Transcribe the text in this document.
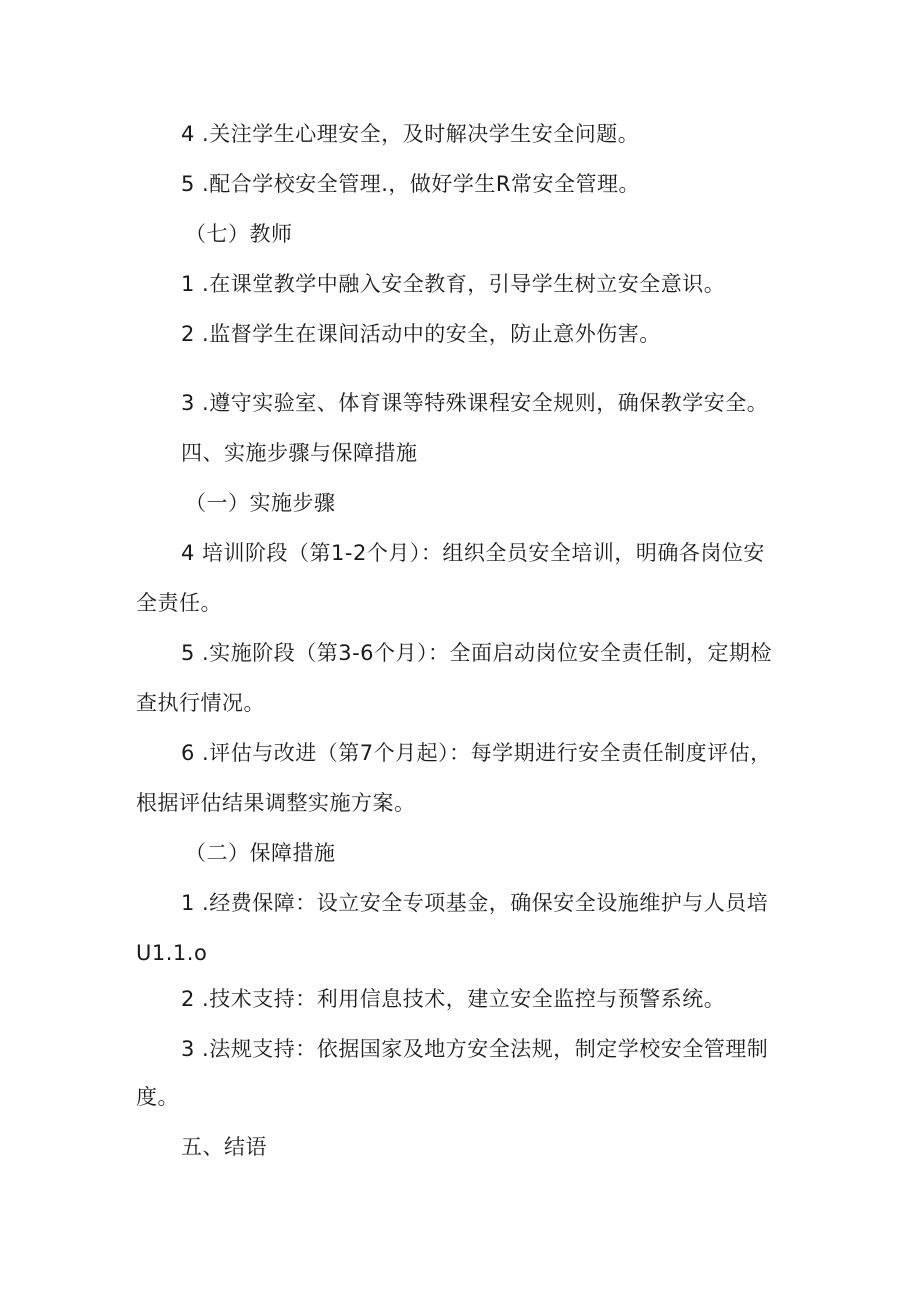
4 .关注学生心理安全，及时解决学生安全问题。
5 .配合学校安全管理.，做好学生R常安全管理。
（七）教师
1 .在课堂教学中融入安全教育，引导学生树立安全意识。
2 .监督学生在课间活动中的安全，防止意外伤害。
3 .遵守实验室、体育课等特殊课程安全规则，确保教学安全。
四、实施步骤与保障措施
（一）实施步骤
4 培训阶段（第1-2个月）：组织全员安全培训，明确各岗位安
全责任。
5 .实施阶段（第3-6个月）：全面启动岗位安全责任制，定期检
查执行情况。
6 .评估与改进（第7个月起）：每学期进行安全责任制度评估，
根据评估结果调整实施方案。
（二）保障措施
1 .经费保障：设立安全专项基金，确保安全设施维护与人员培
U1.1.o
2 .技术支持：利用信息技术，建立安全监控与预警系统。
3 .法规支持：依据国家及地方安全法规，制定学校安全管理制
度。
五、结语
